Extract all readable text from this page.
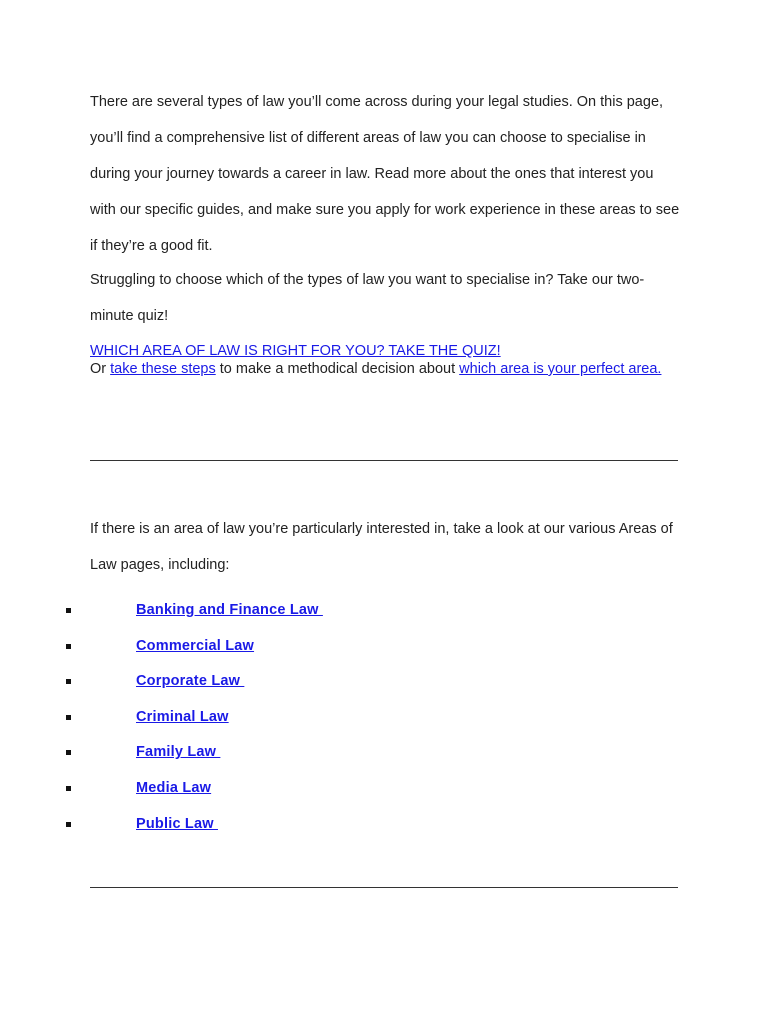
There are several types of law you’ll come across during your legal studies. On this page, you’ll find a comprehensive list of different areas of law you can choose to specialise in during your journey towards a career in law. Read more about the ones that interest you with our specific guides, and make sure you apply for work experience in these areas to see if they’re a good fit.

Struggling to choose which of the types of law you want to specialise in? Take our two-minute quiz!

WHICH AREA OF LAW IS RIGHT FOR YOU? TAKE THE QUIZ!

Or take these steps to make a methodical decision about which area is your perfect area.

If there is an area of law you’re particularly interested in, take a look at our various Areas of Law pages, including:

Banking and Finance Law
Commercial Law
Corporate Law
Criminal Law
Family Law
Media Law
Public Law
